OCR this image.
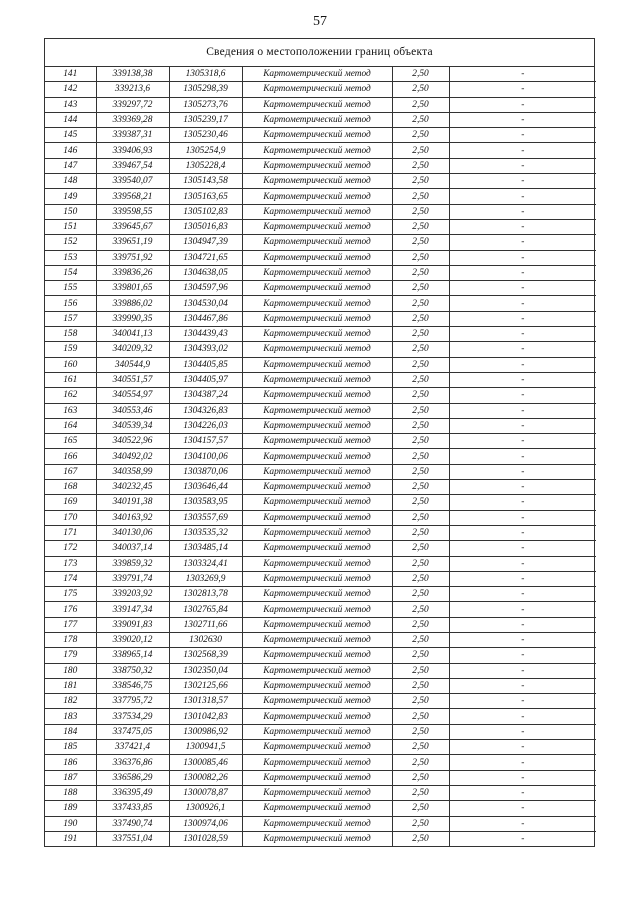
57
Сведения о местоположении границ объекта
141	339138,38	1305318,6	Картометрический метод	2,50	-
142	339213,6	1305298,39	Картометрический метод	2,50	-
143	339297,72	1305273,76	Картометрический метод	2,50	-
144	339369,28	1305239,17	Картометрический метод	2,50	-
145	339387,31	1305230,46	Картометрический метод	2,50	-
146	339406,93	1305254,9	Картометрический метод	2,50	-
147	339467,54	1305228,4	Картометрический метод	2,50	-
148	339540,07	1305143,58	Картометрический метод	2,50	-
149	339568,21	1305163,65	Картометрический метод	2,50	-
150	339598,55	1305102,83	Картометрический метод	2,50	-
151	339645,67	1305016,83	Картометрический метод	2,50	-
152	339651,19	1304947,39	Картометрический метод	2,50	-
153	339751,92	1304721,65	Картометрический метод	2,50	-
154	339836,26	1304638,05	Картометрический метод	2,50	-
155	339801,65	1304597,96	Картометрический метод	2,50	-
156	339886,02	1304530,04	Картометрический метод	2,50	-
157	339990,35	1304467,86	Картометрический метод	2,50	-
158	340041,13	1304439,43	Картометрический метод	2,50	-
159	340209,32	1304393,02	Картометрический метод	2,50	-
160	340544,9	1304405,85	Картометрический метод	2,50	-
161	340551,57	1304405,97	Картометрический метод	2,50	-
162	340554,97	1304387,24	Картометрический метод	2,50	-
163	340553,46	1304326,83	Картометрический метод	2,50	-
164	340539,34	1304226,03	Картометрический метод	2,50	-
165	340522,96	1304157,57	Картометрический метод	2,50	-
166	340492,02	1304100,06	Картометрический метод	2,50	-
167	340358,99	1303870,06	Картометрический метод	2,50	-
168	340232,45	1303646,44	Картометрический метод	2,50	-
169	340191,38	1303583,95	Картометрический метод	2,50	-
170	340163,92	1303557,69	Картометрический метод	2,50	-
171	340130,06	1303535,32	Картометрический метод	2,50	-
172	340037,14	1303485,14	Картометрический метод	2,50	-
173	339859,32	1303324,41	Картометрический метод	2,50	-
174	339791,74	1303269,9	Картометрический метод	2,50	-
175	339203,92	1302813,78	Картометрический метод	2,50	-
176	339147,34	1302765,84	Картометрический метод	2,50	-
177	339091,83	1302711,66	Картометрический метод	2,50	-
178	339020,12	1302630	Картометрический метод	2,50	-
179	338965,14	1302568,39	Картометрический метод	2,50	-
180	338750,32	1302350,04	Картометрический метод	2,50	-
181	338546,75	1302125,66	Картометрический метод	2,50	-
182	337795,72	1301318,57	Картометрический метод	2,50	-
183	337534,29	1301042,83	Картометрический метод	2,50	-
184	337475,05	1300986,92	Картометрический метод	2,50	-
185	337421,4	1300941,5	Картометрический метод	2,50	-
186	336376,86	1300085,46	Картометрический метод	2,50	-
187	336586,29	1300082,26	Картометрический метод	2,50	-
188	336395,49	1300078,87	Картометрический метод	2,50	-
189	337433,85	1300926,1	Картометрический метод	2,50	-
190	337490,74	1300974,06	Картометрический метод	2,50	-
191	337551,04	1301028,59	Картометрический метод	2,50	-
